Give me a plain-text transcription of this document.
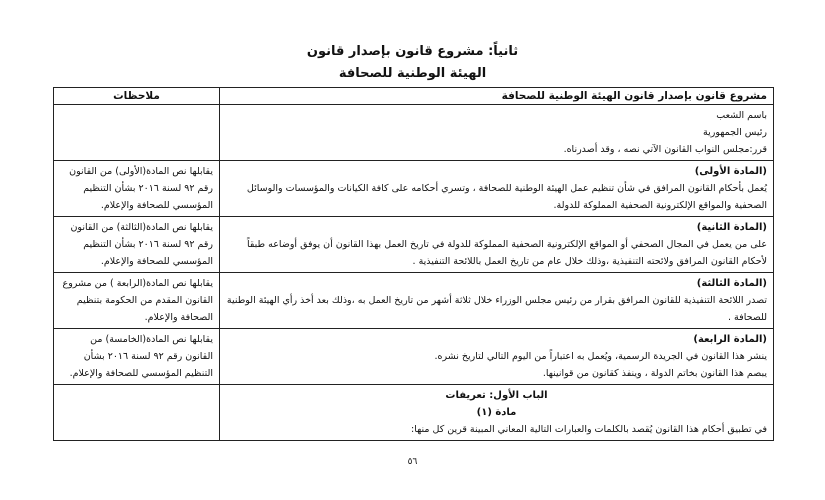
ثانياً: مشروع قانون بإصدار قانون
الهيئة الوطنية للصحافة
مشروع قانون بإصدار قانون الهيئة الوطنية للصحافة	ملاحظات

باسم الشعب
رئيس الجمهورية
قرر:مجلس النواب القانون الآتي نصه ، وقد أصدرناه.	

(المادة الأولى)
يُعمل بأحكام القانون المرافق في شأن تنظيم عمل الهيئة الوطنية للصحافة ، وتسري أحكامه على كافة الكيانات والمؤسسات والوسائل الصحفية والمواقع الإلكترونية الصحفية المملوكة للدولة.	يقابلها نص المادة(الأولى) من القانون رقم ٩٢ لسنة ٢٠١٦ بشأن التنظيم المؤسسي للصحافة والإعلام.

(المادة الثانية)
على من يعمل في المجال الصحفي أو المواقع الإلكترونية الصحفية المملوكة للدولة في تاريخ العمل بهذا القانون أن يوفق أوضاعه طبقاً لأحكام القانون المرافق ولائحته التنفيذية ،وذلك خلال عام من تاريخ العمل باللائحة التنفيذية .	يقابلها نص المادة(الثالثة) من القانون رقم ٩٢ لسنة ٢٠١٦ بشأن التنظيم المؤسسي للصحافة والإعلام.

(المادة الثالثة)
تصدر اللائحة التنفيذية للقانون المرافق بقرار من رئيس مجلس الوزراء خلال ثلاثة أشهر من تاريخ العمل به ،وذلك بعد أخذ رأي الهيئة الوطنية للصحافة .	يقابلها نص المادة(الرابعة ) من مشروع القانون المقدم من الحكومة بتنظيم الصحافة والإعلام.

(المادة الرابعة)
ينشر هذا القانون في الجريدة الرسمية، ويُعمل به اعتباراً من اليوم التالي لتاريخ نشره.
يبصم هذا القانون بخاتم الدولة ، وينفذ كقانون من قوانينها.	يقابلها نص المادة(الخامسة) من القانون رقم ٩٢ لسنة ٢٠١٦ بشأن التنظيم المؤسسي للصحافة والإعلام.

الباب الأول: تعريفات
مادة (١)
في تطبيق أحكام هذا القانون يُقصد بالكلمات والعبارات التالية المعاني المبينة قرين كل منها:	

٥٦
